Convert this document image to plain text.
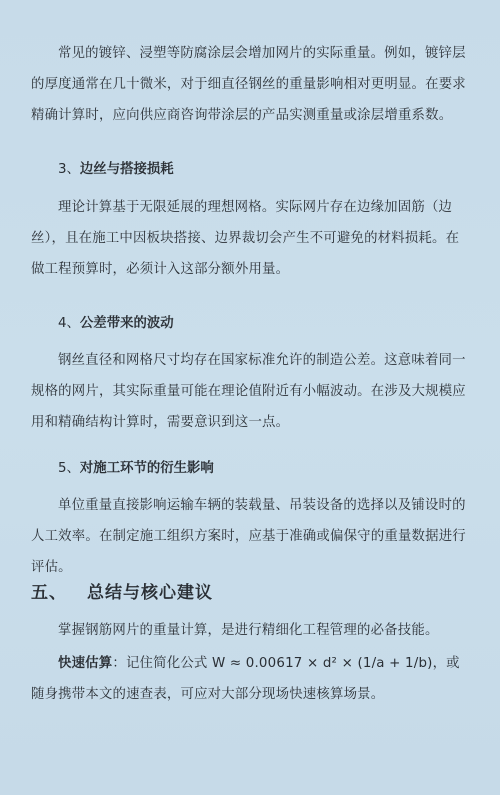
常见的镀锌、浸塑等防腐涂层会增加网片的实际重量。例如，镀锌层的厚度通常在几十微米，对于细直径钢丝的重量影响相对更明显。在要求精确计算时，应向供应商咨询带涂层的产品实测重量或涂层增重系数。

3、边丝与搭接损耗

理论计算基于无限延展的理想网格。实际网片存在边缘加固筋（边丝），且在施工中因板块搭接、边界裁切会产生不可避免的材料损耗。在做工程预算时，必须计入这部分额外用量。

4、公差带来的波动

钢丝直径和网格尺寸均存在国家标准允许的制造公差。这意味着同一规格的网片，其实际重量可能在理论值附近有小幅波动。在涉及大规模应用和精确结构计算时，需要意识到这一点。

5、对施工环节的衍生影响

单位重量直接影响运输车辆的装载量、吊装设备的选择以及铺设时的人工效率。在制定施工组织方案时，应基于准确或偏保守的重量数据进行评估。

五、 总结与核心建议

掌握钢筋网片的重量计算，是进行精细化工程管理的必备技能。

快速估算：记住简化公式 W ≈ 0.00617 × d² × (1/a + 1/b)，或随身携带本文的速查表，可应对大部分现场快速核算场景。
